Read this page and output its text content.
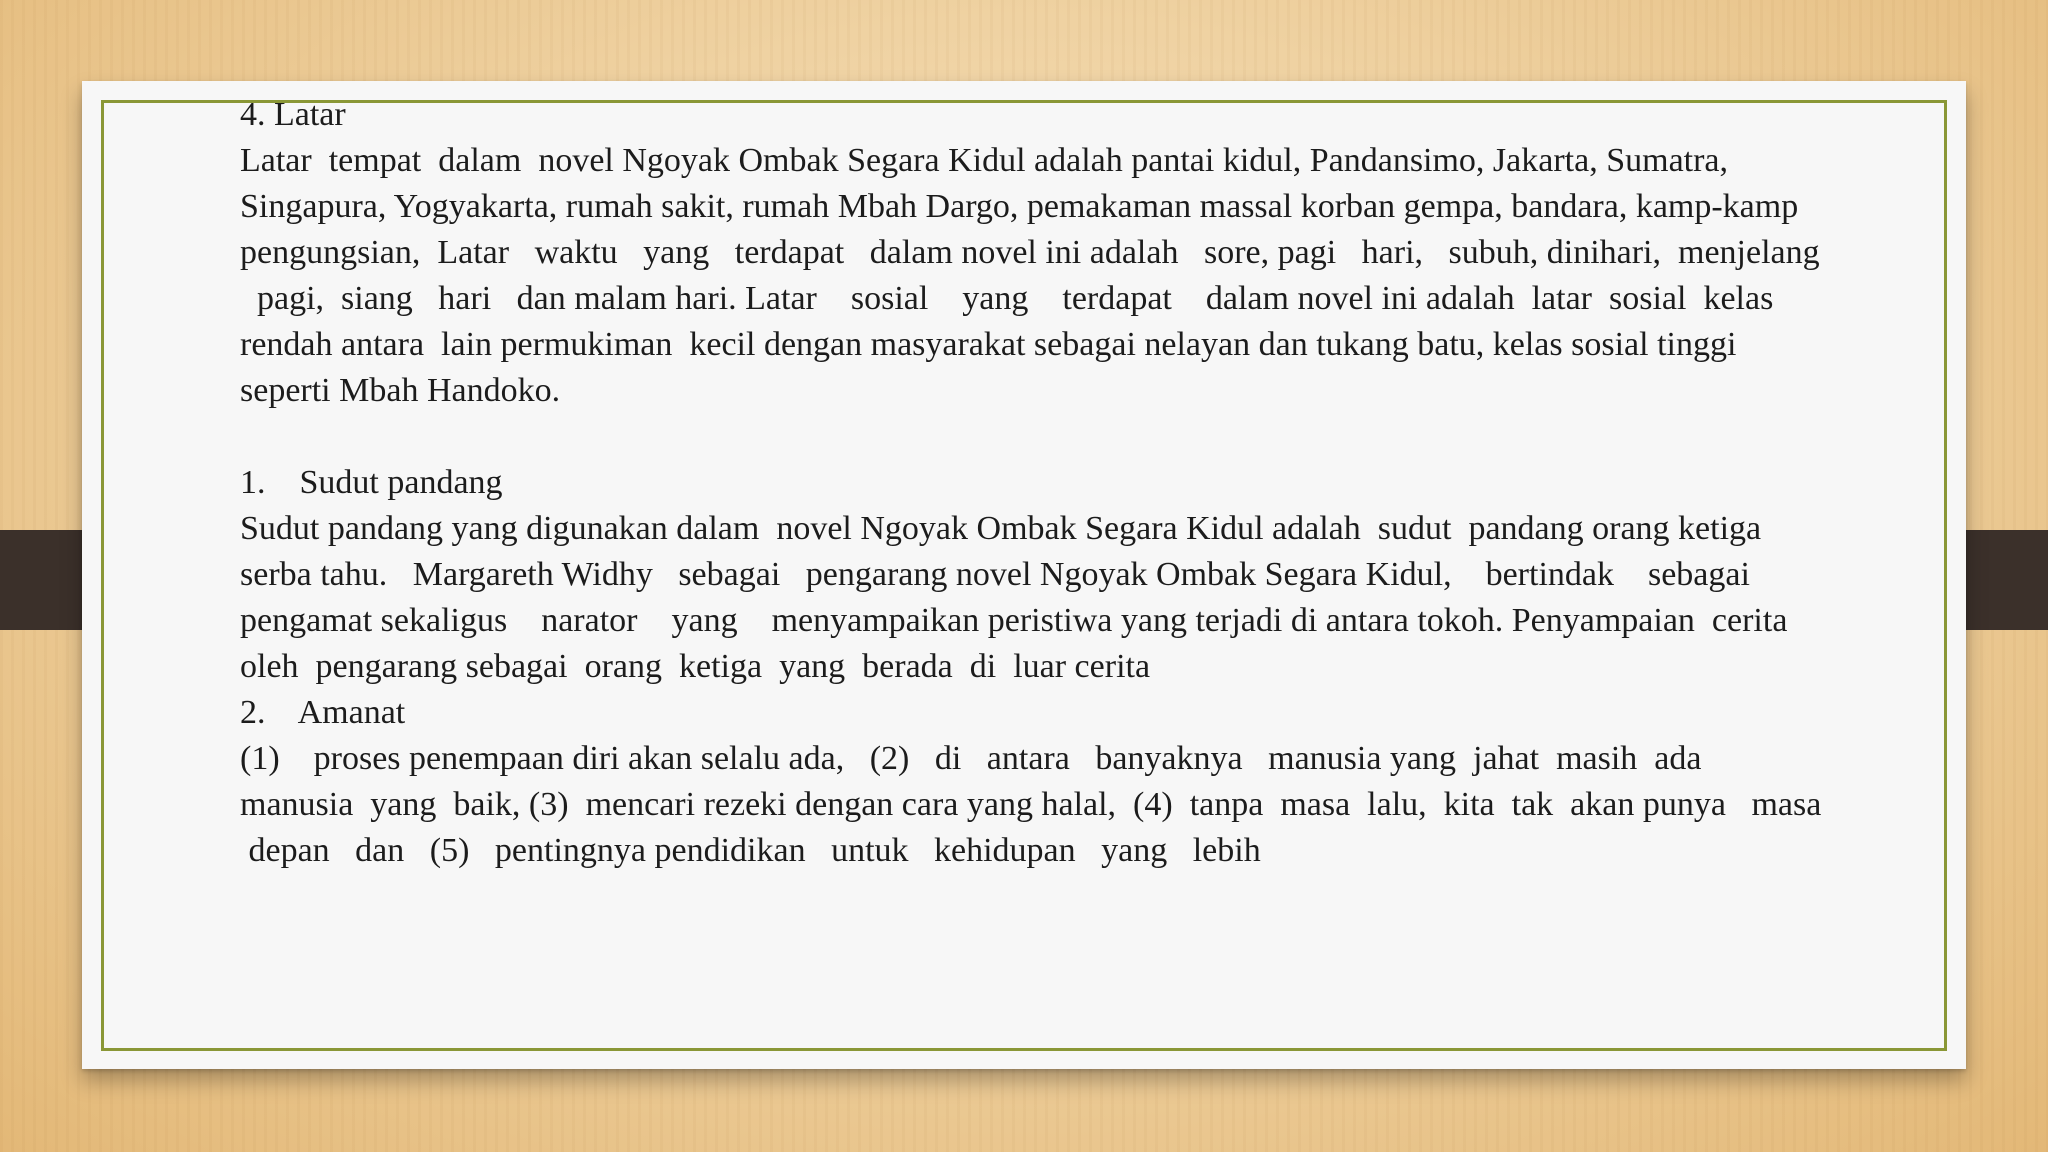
4. Latar

Latar  tempat  dalam  novel Ngoyak Ombak Segara Kidul adalah pantai kidul, Pandansimo, Jakarta, Sumatra,

Singapura, Yogyakarta, rumah sakit, rumah Mbah Dargo, pemakaman massal korban gempa, bandara, kamp-kamp

pengungsian,  Latar   waktu   yang   terdapat   dalam novel ini adalah   sore, pagi   hari,   subuh, dinihari,  menjelang

pagi,  siang   hari   dan malam hari. Latar    sosial    yang    terdapat    dalam novel ini adalah  latar  sosial  kelas

rendah antara  lain permukiman  kecil dengan masyarakat sebagai nelayan dan tukang batu, kelas sosial tinggi

seperti Mbah Handoko.

1.    Sudut pandang

Sudut pandang yang digunakan dalam  novel Ngoyak Ombak Segara Kidul adalah  sudut  pandang orang ketiga

serba tahu.   Margareth Widhy   sebagai   pengarang novel Ngoyak Ombak Segara Kidul,    bertindak    sebagai

pengamat sekaligus    narator    yang    menyampaikan peristiwa yang terjadi di antara tokoh. Penyampaian  cerita

oleh  pengarang sebagai  orang  ketiga  yang  berada  di  luar cerita

2.    Amanat

(1)    proses penempaan diri akan selalu ada,   (2)   di   antara   banyaknya   manusia yang  jahat  masih  ada

manusia  yang  baik, (3)  mencari rezeki dengan cara yang halal,  (4)  tanpa  masa  lalu,  kita  tak  akan punya   masa

depan   dan   (5)   pentingnya pendidikan   untuk   kehidupan   yang   lebih
